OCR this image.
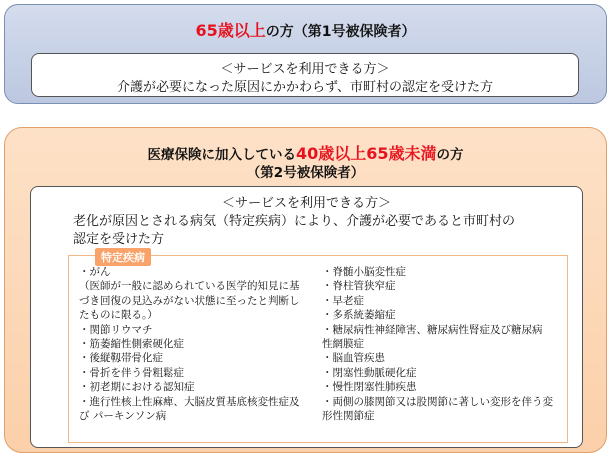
65歳以上の方（第1号被保険者）
＜サービスを利用できる方＞
介護が必要になった原因にかかわらず、市町村の認定を受けた方
医療保険に加入している40歳以上65歳未満の方
（第2号被保険者）
＜サービスを利用できる方＞
老化が原因とされる病気（特定疾病）により、介護が必要であると市町村の
認定を受けた方
特定疾病
・がん
（医師が一般に認められている医学的知見に基
づき回復の見込みがない状態に至ったと判断し
たものに限る。）
・関節リウマチ
・筋萎縮性側索硬化症
・後縦靱帯骨化症
・骨折を伴う骨粗鬆症
・初老期における認知症
・進行性核上性麻痺、大脳皮質基底核変性症及
び パーキンソン病
・脊髄小脳変性症
・脊柱管狭窄症
・早老症
・多系統萎縮症
・糖尿病性神経障害、糖尿病性腎症及び糖尿病
性網膜症
・脳血管疾患
・閉塞性動脈硬化症
・慢性閉塞性肺疾患
・両側の膝関節又は股関節に著しい変形を伴う変
形性関節症
